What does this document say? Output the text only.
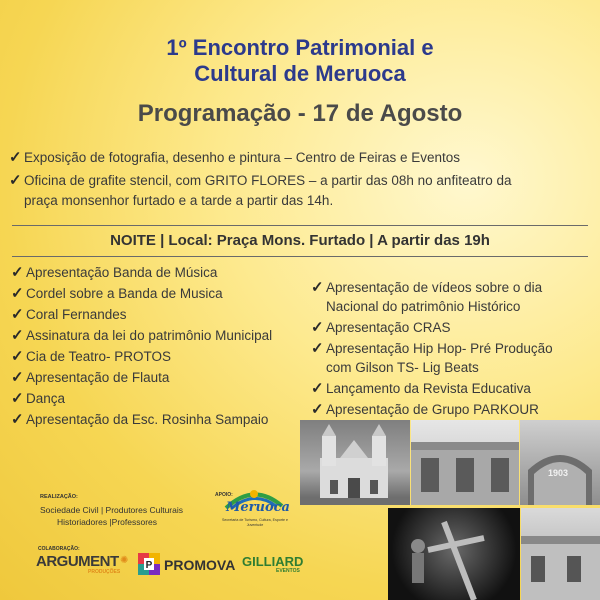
1º Encontro Patrimonial e
Cultural de Meruoca
Programação - 17 de Agosto
✓ Exposição de fotografia, desenho e pintura – Centro de Feiras e Eventos
✓ Oficina de grafite stencil, com GRITO FLORES – a partir das 08h no anfiteatro da
praça monsenhor furtado e a tarde a partir das 14h.
NOITE | Local: Praça Mons. Furtado | A partir das 19h
✓ Apresentação Banda de Música
✓ Cordel sobre a Banda de Musica
✓ Coral Fernandes
✓ Assinatura da lei do patrimônio Municipal
✓ Cia de Teatro- PROTOS
✓ Apresentação de Flauta
✓ Dança
✓ Apresentação da Esc. Rosinha Sampaio
✓ Apresentação de vídeos sobre o dia
Nacional do patrimônio Histórico
✓ Apresentação CRAS
✓ Apresentação Hip Hop- Pré Produção
com Gilson TS- Lig Beats
✓ Lançamento da Revista Educativa
✓ Apresentação de Grupo PARKOUR
1903
REALIZAÇÃO:
Sociedade Civil | Produtores Culturais
Historiadores |Professores
APOIO:
Meruoca
Secretaria de Turismo, Cultura, Esporte e Juventude
COLABORAÇÃO:
ARGUMENT ✺
PRODUÇÕES
P PROMOVA GILLIARD
EVENTOS
